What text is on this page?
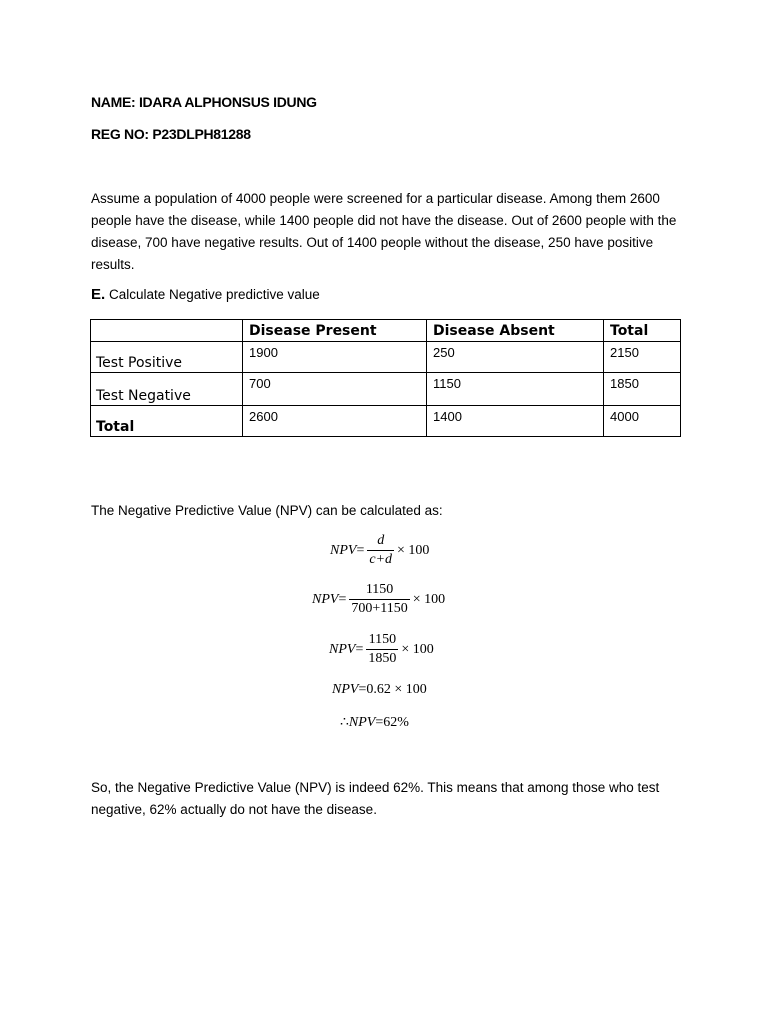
NAME: IDARA ALPHONSUS IDUNG
REG NO: P23DLPH81288
Assume a population of 4000 people were screened for a particular disease. Among them 2600 people have the disease, while 1400 people did not have the disease. Out of 2600 people with the disease, 700 have negative results. Out of 1400 people without the disease, 250 have positive results.
E. Calculate Negative predictive value
	Disease Present	Disease Absent	Total
Test Positive	1900	250	2150
Test Negative	700	1150	1850
Total	2600	1400	4000
The Negative Predictive Value (NPV) can be calculated as:
NPV = $\frac{d}{c+d} \times 100$
NPV = $\frac{1150}{700+1150} \times 100$
NPV = $\frac{1150}{1850} \times 100$
NPV = 0.62 × 100
∴ NPV = 62%
So, the Negative Predictive Value (NPV) is indeed 62%. This means that among those who test negative, 62% actually do not have the disease.
